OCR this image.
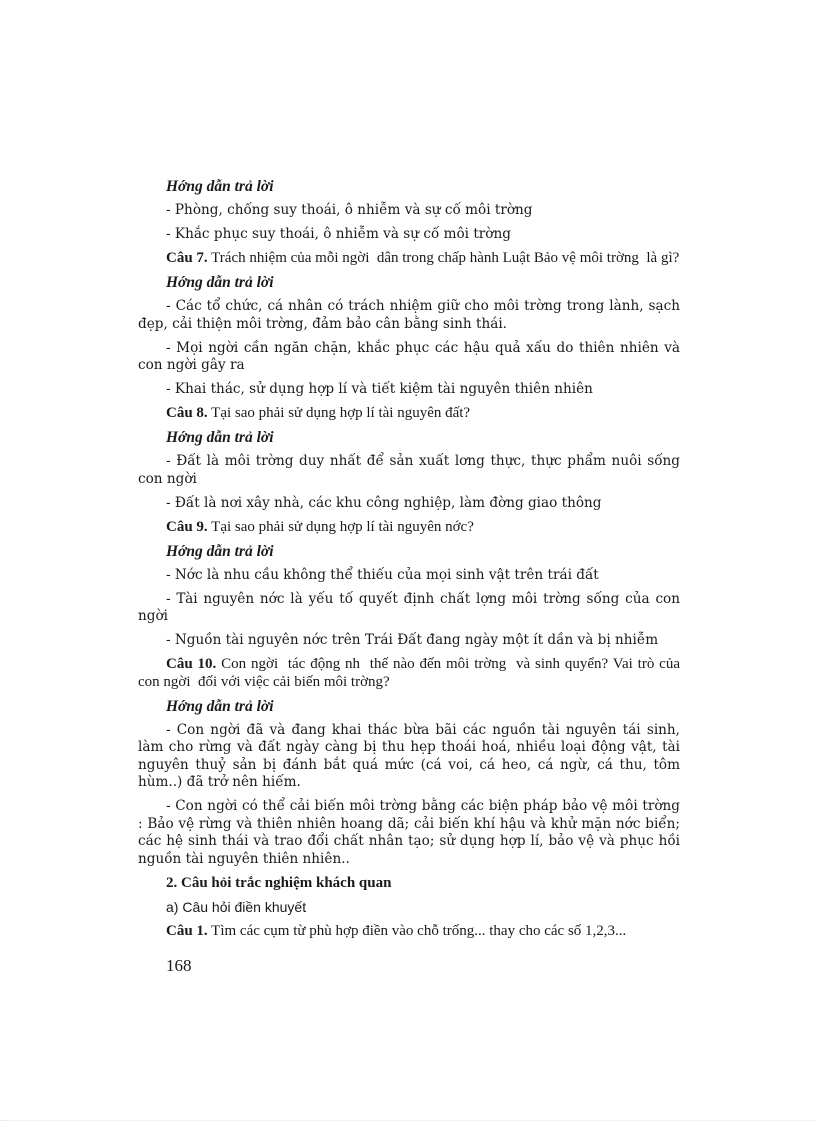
Hớng dẫn trả lời

- Phòng, chống suy thoái, ô nhiễm và sự cố môi trờng

- Khắc phục suy thoái, ô nhiễm và sự cố môi trờng

Câu 7. Trách nhiệm của mỗi ngời  dân trong chấp hành Luật Bảo vệ môi trờng  là gì?

Hớng dẫn trả lời

- Các tổ chức, cá nhân có trách nhiệm giữ cho môi trờng trong lành, sạch đẹp, cải thiện môi trờng, đảm bảo cân bằng sinh thái.

- Mọi ngời cần ngăn chặn, khắc phục các hậu quả xấu do thiên nhiên và con ngời gây ra

- Khai thác, sử dụng hợp lí và tiết kiệm tài nguyên thiên nhiên

Câu 8. Tại sao phải sử dụng hợp lí tài nguyên đất?

Hớng dẫn trả lời

- Đất là môi trờng duy nhất để sản xuất lơng thực, thực phẩm nuôi sống con ngời

- Đất là nơi xây nhà, các khu công nghiệp, làm đờng giao thông

Câu 9. Tại sao phải sử dụng hợp lí tài nguyên nớc?

Hớng dẫn trả lời

- Nớc là nhu cầu không thể thiếu của mọi sinh vật trên trái đất

- Tài nguyên nớc là yếu tố quyết định chất lợng môi trờng sống của con ngời

- Nguồn tài nguyên nớc trên Trái Đất đang ngày một ít dần và bị nhiễm

Câu 10. Con ngời  tác động nh  thế nào đến môi trờng  và sinh quyển? Vai trò của con ngời  đối với việc cải biến môi trờng?

Hớng dẫn trả lời

- Con ngời đã và đang khai thác bừa bãi các nguồn tài nguyên tái sinh, làm cho rừng và đất ngày càng bị thu hẹp thoái hoá, nhiều loại động vật, tài nguyên thuỷ sản bị đánh bắt quá mức (cá voi, cá heo, cá ngừ, cá thu, tôm hùm..) đã trở nên hiếm.

- Con ngời có thể cải biến môi trờng bằng các biện pháp bảo vệ môi trờng : Bảo vệ rừng và thiên nhiên hoang dã; cải biến khí hậu và khử mặn nớc biển; các hệ sinh thái và trao đổi chất nhân tạo; sử dụng hợp lí, bảo vệ và phục hồi nguồn tài nguyên thiên nhiên..

2. Câu hỏi trắc nghiệm khách quan

a) Câu hỏi điền khuyết

Câu 1. Tìm các cụm từ phù hợp điền vào chỗ trống... thay cho các số 1,2,3...

168
